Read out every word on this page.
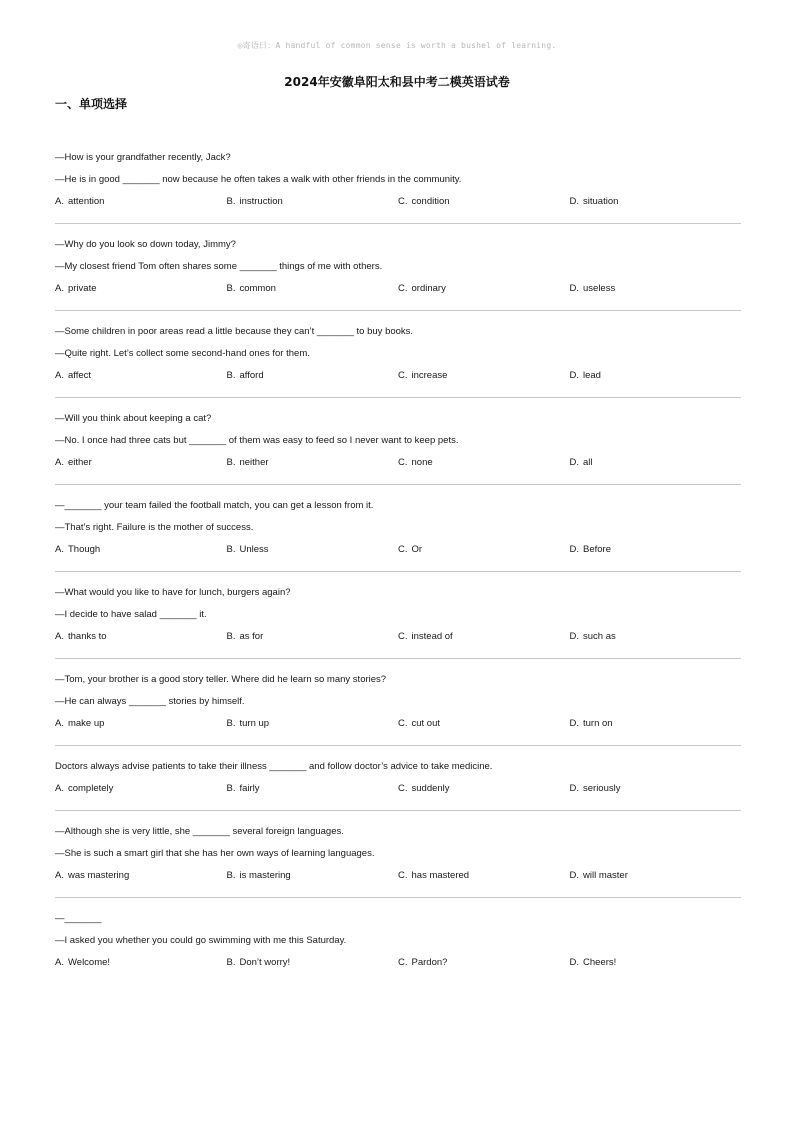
◎寄语曰：A handful of common sense is worth a bushel of learning.
2024年安徽阜阳太和县中考二模英语试卷
一、单项选择
—How is your grandfather recently, Jack?
—He is in good _______ now because he often takes a walk with other friends in the community.
A. attention	B. instruction	C. condition	D. situation
—Why do you look so down today, Jimmy?
—My closest friend Tom often shares some _______ things of me with others.
A. private	B. common	C. ordinary	D. useless
—Some children in poor areas read a little because they can’t _______ to buy books.
—Quite right. Let’s collect some second-hand ones for them.
A. affect	B. afford	C. increase	D. lead
—Will you think about keeping a cat?
—No. I once had three cats but _______ of them was easy to feed so I never want to keep pets.
A. either	B. neither	C. none	D. all
—_______ your team failed the football match, you can get a lesson from it.
—That’s right. Failure is the mother of success.
A. Though	B. Unless	C. Or	D. Before
—What would you like to have for lunch, burgers again?
—I decide to have salad _______ it.
A. thanks to	B. as for	C. instead of	D. such as
—Tom, your brother is a good story teller. Where did he learn so many stories?
—He can always _______ stories by himself.
A. make up	B. turn up	C. cut out	D. turn on
Doctors always advise patients to take their illness _______ and follow doctor’s advice to take medicine.
A. completely	B. fairly	C. suddenly	D. seriously
—Although she is very little, she _______ several foreign languages.
—She is such a smart girl that she has her own ways of learning languages.
A. was mastering	B. is mastering	C. has mastered	D. will master
—_______
—I asked you whether you could go swimming with me this Saturday.
A. Welcome!	B. Don’t worry!	C. Pardon?	D. Cheers!
